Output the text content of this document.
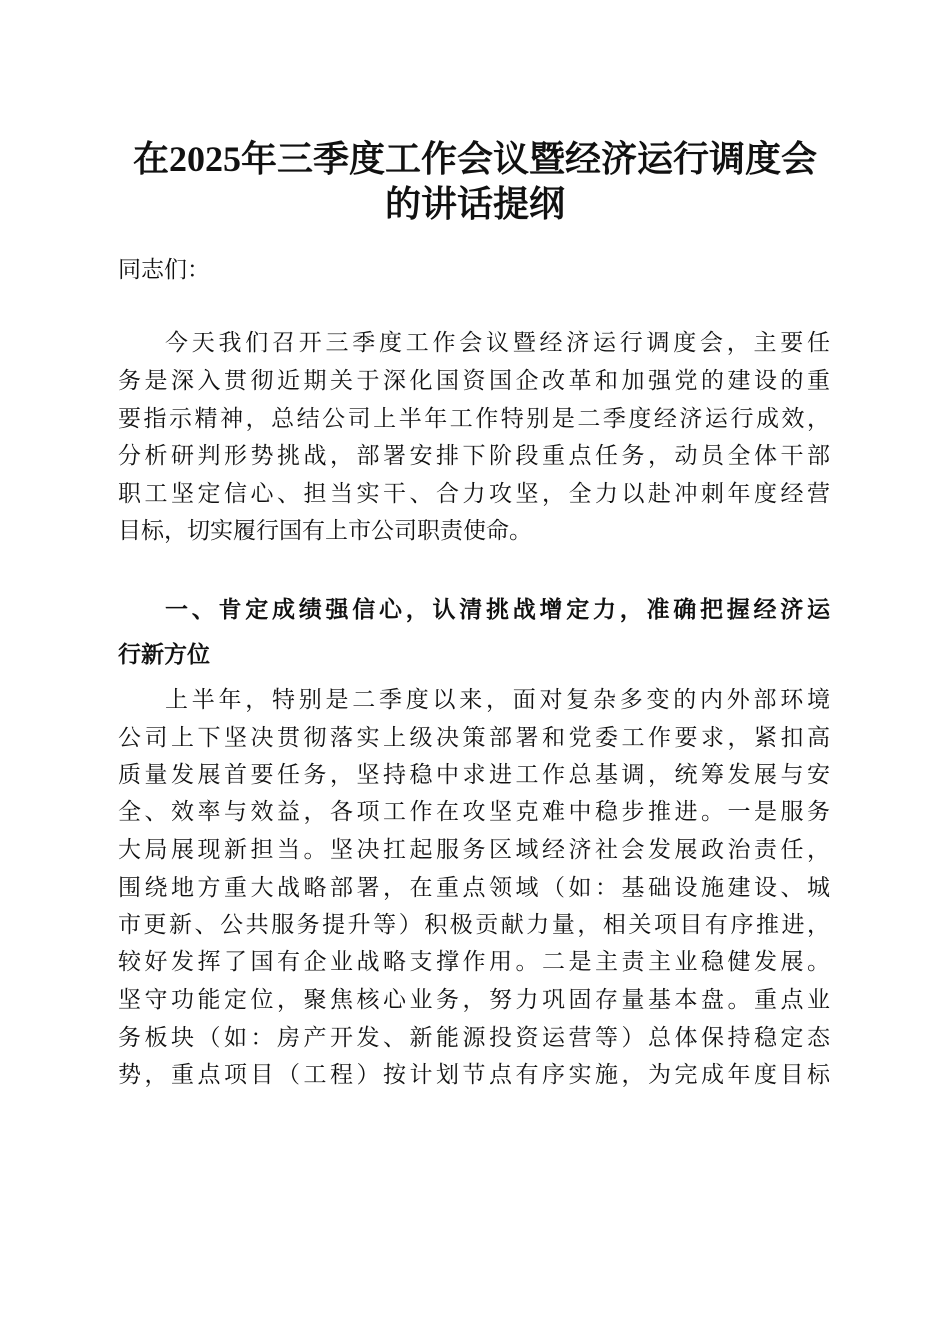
在2025年三季度工作会议暨经济运行调度会
的讲话提纲
同志们：
今天我们召开三季度工作会议暨经济运行调度会，主要任
务是深入贯彻近期关于深化国资国企改革和加强党的建设的重
要指示精神，总结公司上半年工作特别是二季度经济运行成效，
分析研判形势挑战，部署安排下阶段重点任务，动员全体干部
职工坚定信心、担当实干、合力攻坚，全力以赴冲刺年度经营
目标，切实履行国有上市公司职责使命。
一、肯定成绩强信心，认清挑战增定力，准确把握经济运
行新方位
上半年，特别是二季度以来，面对复杂多变的内外部环境
公司上下坚决贯彻落实上级决策部署和党委工作要求，紧扣高
质量发展首要任务，坚持稳中求进工作总基调，统筹发展与安
全、效率与效益，各项工作在攻坚克难中稳步推进。一是服务
大局展现新担当。坚决扛起服务区域经济社会发展政治责任，
围绕地方重大战略部署，在重点领域（如：基础设施建设、城
市更新、公共服务提升等）积极贡献力量，相关项目有序推进，
较好发挥了国有企业战略支撑作用。二是主责主业稳健发展。
坚守功能定位，聚焦核心业务，努力巩固存量基本盘。重点业
务板块（如：房产开发、新能源投资运营等）总体保持稳定态
势，重点项目（工程）按计划节点有序实施，为完成年度目标
